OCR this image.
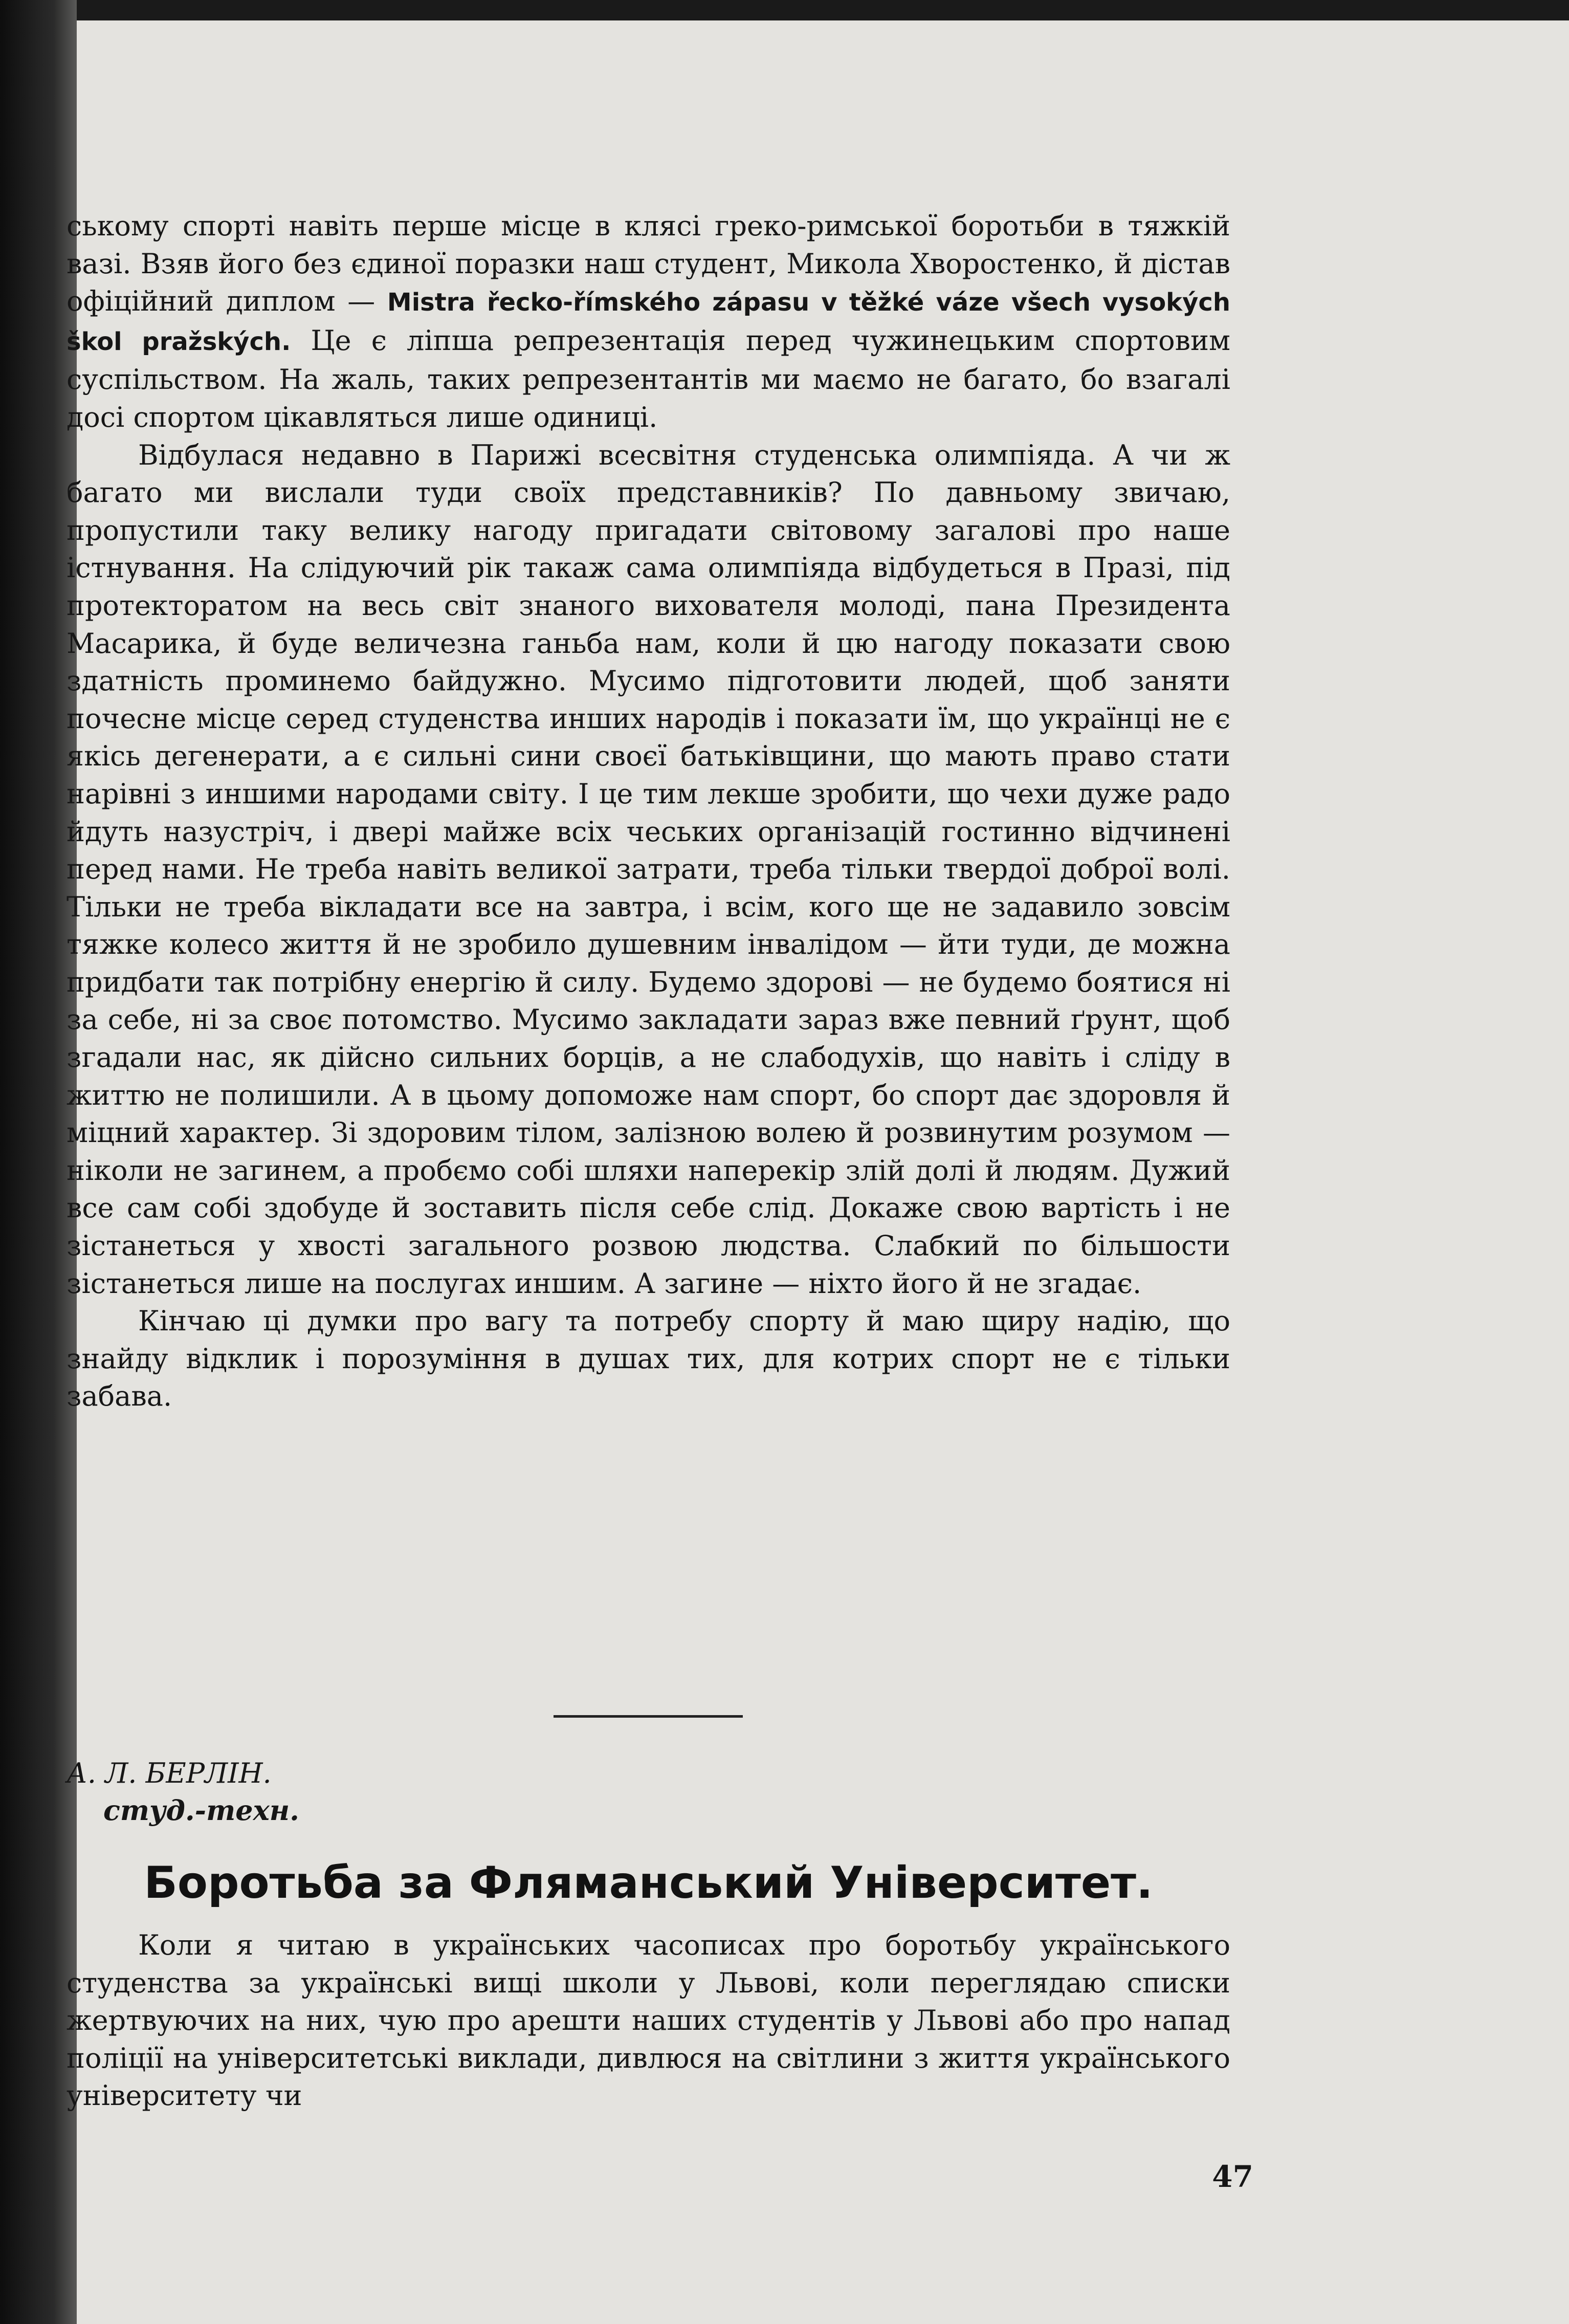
ському спорті навіть перше місце в клясі греко-римської боротьби в тяжкій вазі. Взяв його без єдиної поразки наш студент, Микола Хворостенко, й дістав офіційний диплом — Mistra řecko-římského zápasu v těžké váze všech vysokých škol pražských. Це є ліпша репрезентація перед чужинецьким спортовим суспільством. На жаль, таких репрезентантів ми маємо не багато, бо взагалі досі спортом цікавляться лише одиниці.

Відбулася недавно в Парижі всесвітня студенська олимпіяда. А чи ж багато ми вислали туди своїх представників? По давньому звичаю, пропустили таку велику нагоду пригадати світовому загалові про наше істнування. На слідуючий рік такаж сама олимпіяда відбудеться в Празі, під протекторатом на весь світ знаного вихователя молоді, пана Президента Масарика, й буде величезна ганьба нам, коли й цю нагоду показати свою здатність проминемо байдужно. Мусимо підготовити людей, щоб заняти почесне місце серед студенства инших народів і показати їм, що українці не є якісь дегенерати, а є сильні сини своєї батьківщини, що мають право стати нарівні з иншими народами світу. І це тим лекше зробити, що чехи дуже радо йдуть назустріч, і двері майже всіх чеських організацій гостинно відчинені перед нами. Не треба навіть великої затрати, треба тільки твердої доброї волі. Тільки не треба вікладати все на завтра, і всім, кого ще не задавило зовсім тяжке колесо життя й не зробило душевним інвалідом — йти туди, де можна придбати так потрібну енергію й силу. Будемо здорові — не будемо боятися ні за себе, ні за своє потомство. Мусимо закладати зараз вже певний ґрунт, щоб згадали нас, як дійсно сильних борців, а не слабодухів, що навіть і сліду в життю не полишили. А в цьому допоможе нам спорт, бо спорт дає здоровля й міцний характер. Зі здоровим тілом, залізною волею й розвинутим розумом — ніколи не загинем, а пробємо собі шляхи наперекір злій долі й людям. Дужий все сам собі здобуде й зоставить після себе слід. Докаже свою вартість і не зістанеться у хвості загального розвою людства. Слабкий по більшости зістанеться лише на послугах иншим. А загине — ніхто його й не згадає.

Кінчаю ці думки про вагу та потребу спорту й маю щиру надію, що знайду відклик і порозуміння в душах тих, для котрих спорт не є тільки забава.

А. Л. БЕРЛІН.
студ.-техн.
Боротьба за Фляманський Університет.

Коли я читаю в українських часописах про боротьбу українського студенства за українські вищі школи у Львові, коли переглядаю списки жертвуючих на них, чую про арешти наших студентів у Львові або про напад поліції на університетські виклади, дивлюся на світлини з життя українського університету чи

47
